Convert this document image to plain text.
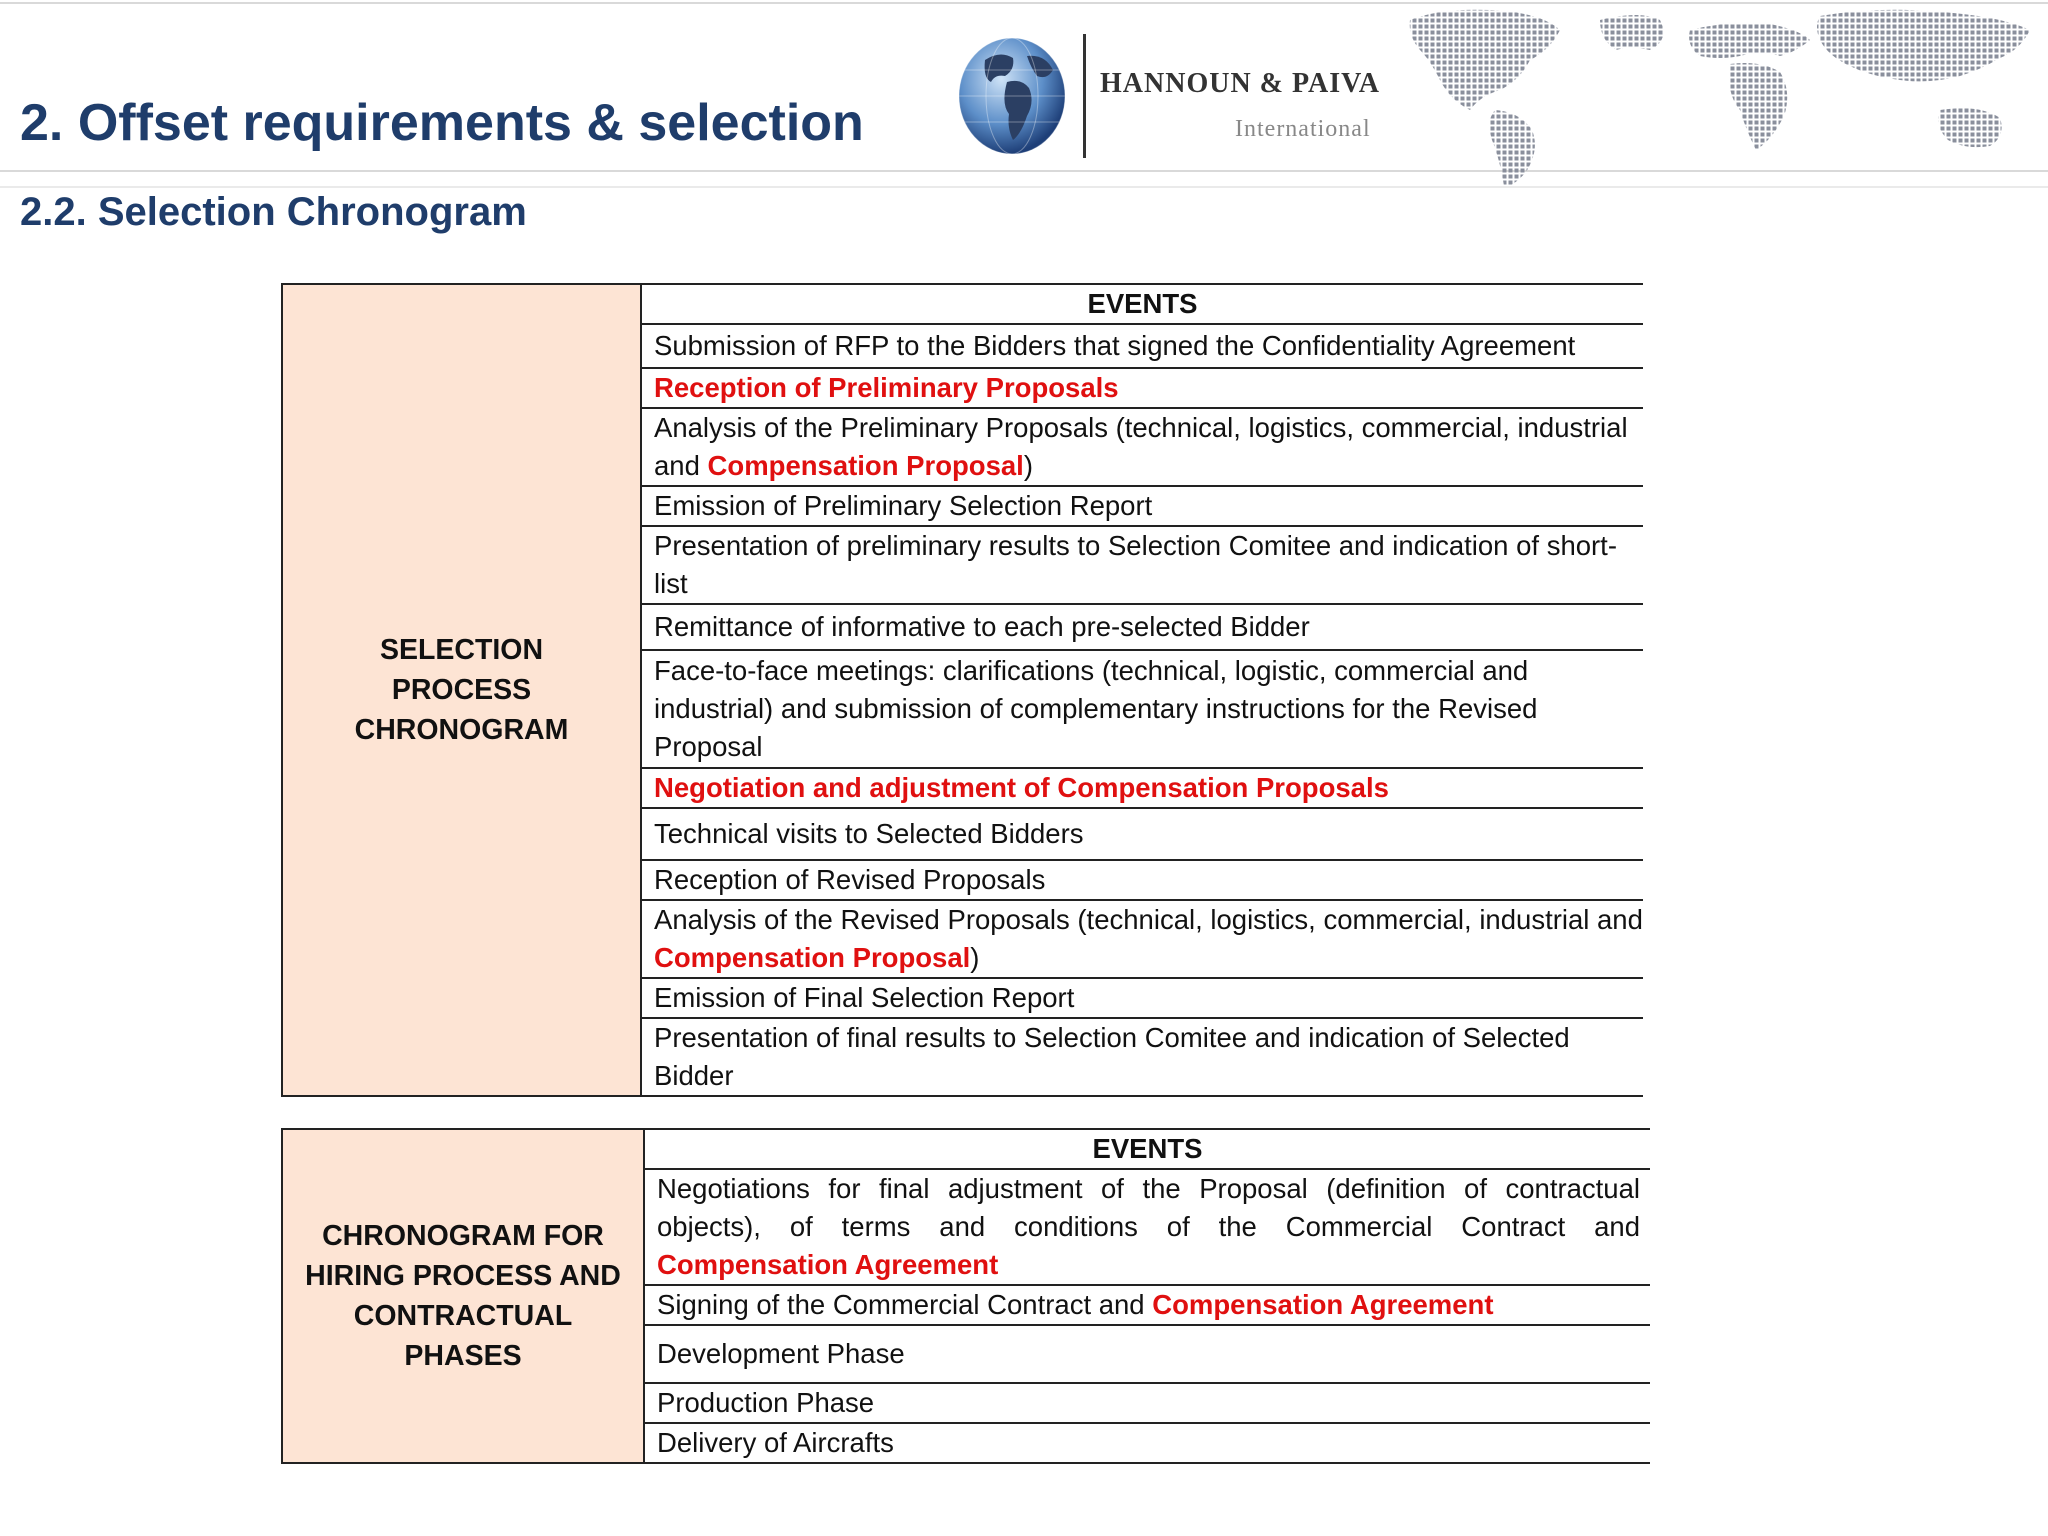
2. Offset requirements & selection
2.2. Selection Chronogram
HANNOUN & PAIVA
International
SELECTION PROCESS CHRONOGRAM	EVENTS
Submission of RFP to the Bidders that signed the Confidentiality Agreement
Reception of Preliminary Proposals
Analysis of the Preliminary Proposals (technical, logistics, commercial, industrial and Compensation Proposal)
Emission of Preliminary Selection Report
Presentation of preliminary results to Selection Comitee and indication of short-list
Remittance of informative to each pre-selected Bidder
Face-to-face meetings: clarifications (technical, logistic, commercial and industrial) and submission of complementary instructions for the Revised Proposal
Negotiation and adjustment of Compensation Proposals
Technical visits to Selected Bidders
Reception of Revised Proposals
Analysis of the Revised Proposals (technical, logistics, commercial, industrial and Compensation Proposal)
Emission of Final Selection Report
Presentation of final results to Selection Comitee and indication of Selected Bidder
CHRONOGRAM FOR HIRING PROCESS AND CONTRACTUAL PHASES	EVENTS
Negotiations for final adjustment of the Proposal (definition of contractual objects), of terms and conditions of the Commercial Contract and Compensation Agreement
Signing of the Commercial Contract and Compensation Agreement
Development Phase
Production Phase
Delivery of Aircrafts
